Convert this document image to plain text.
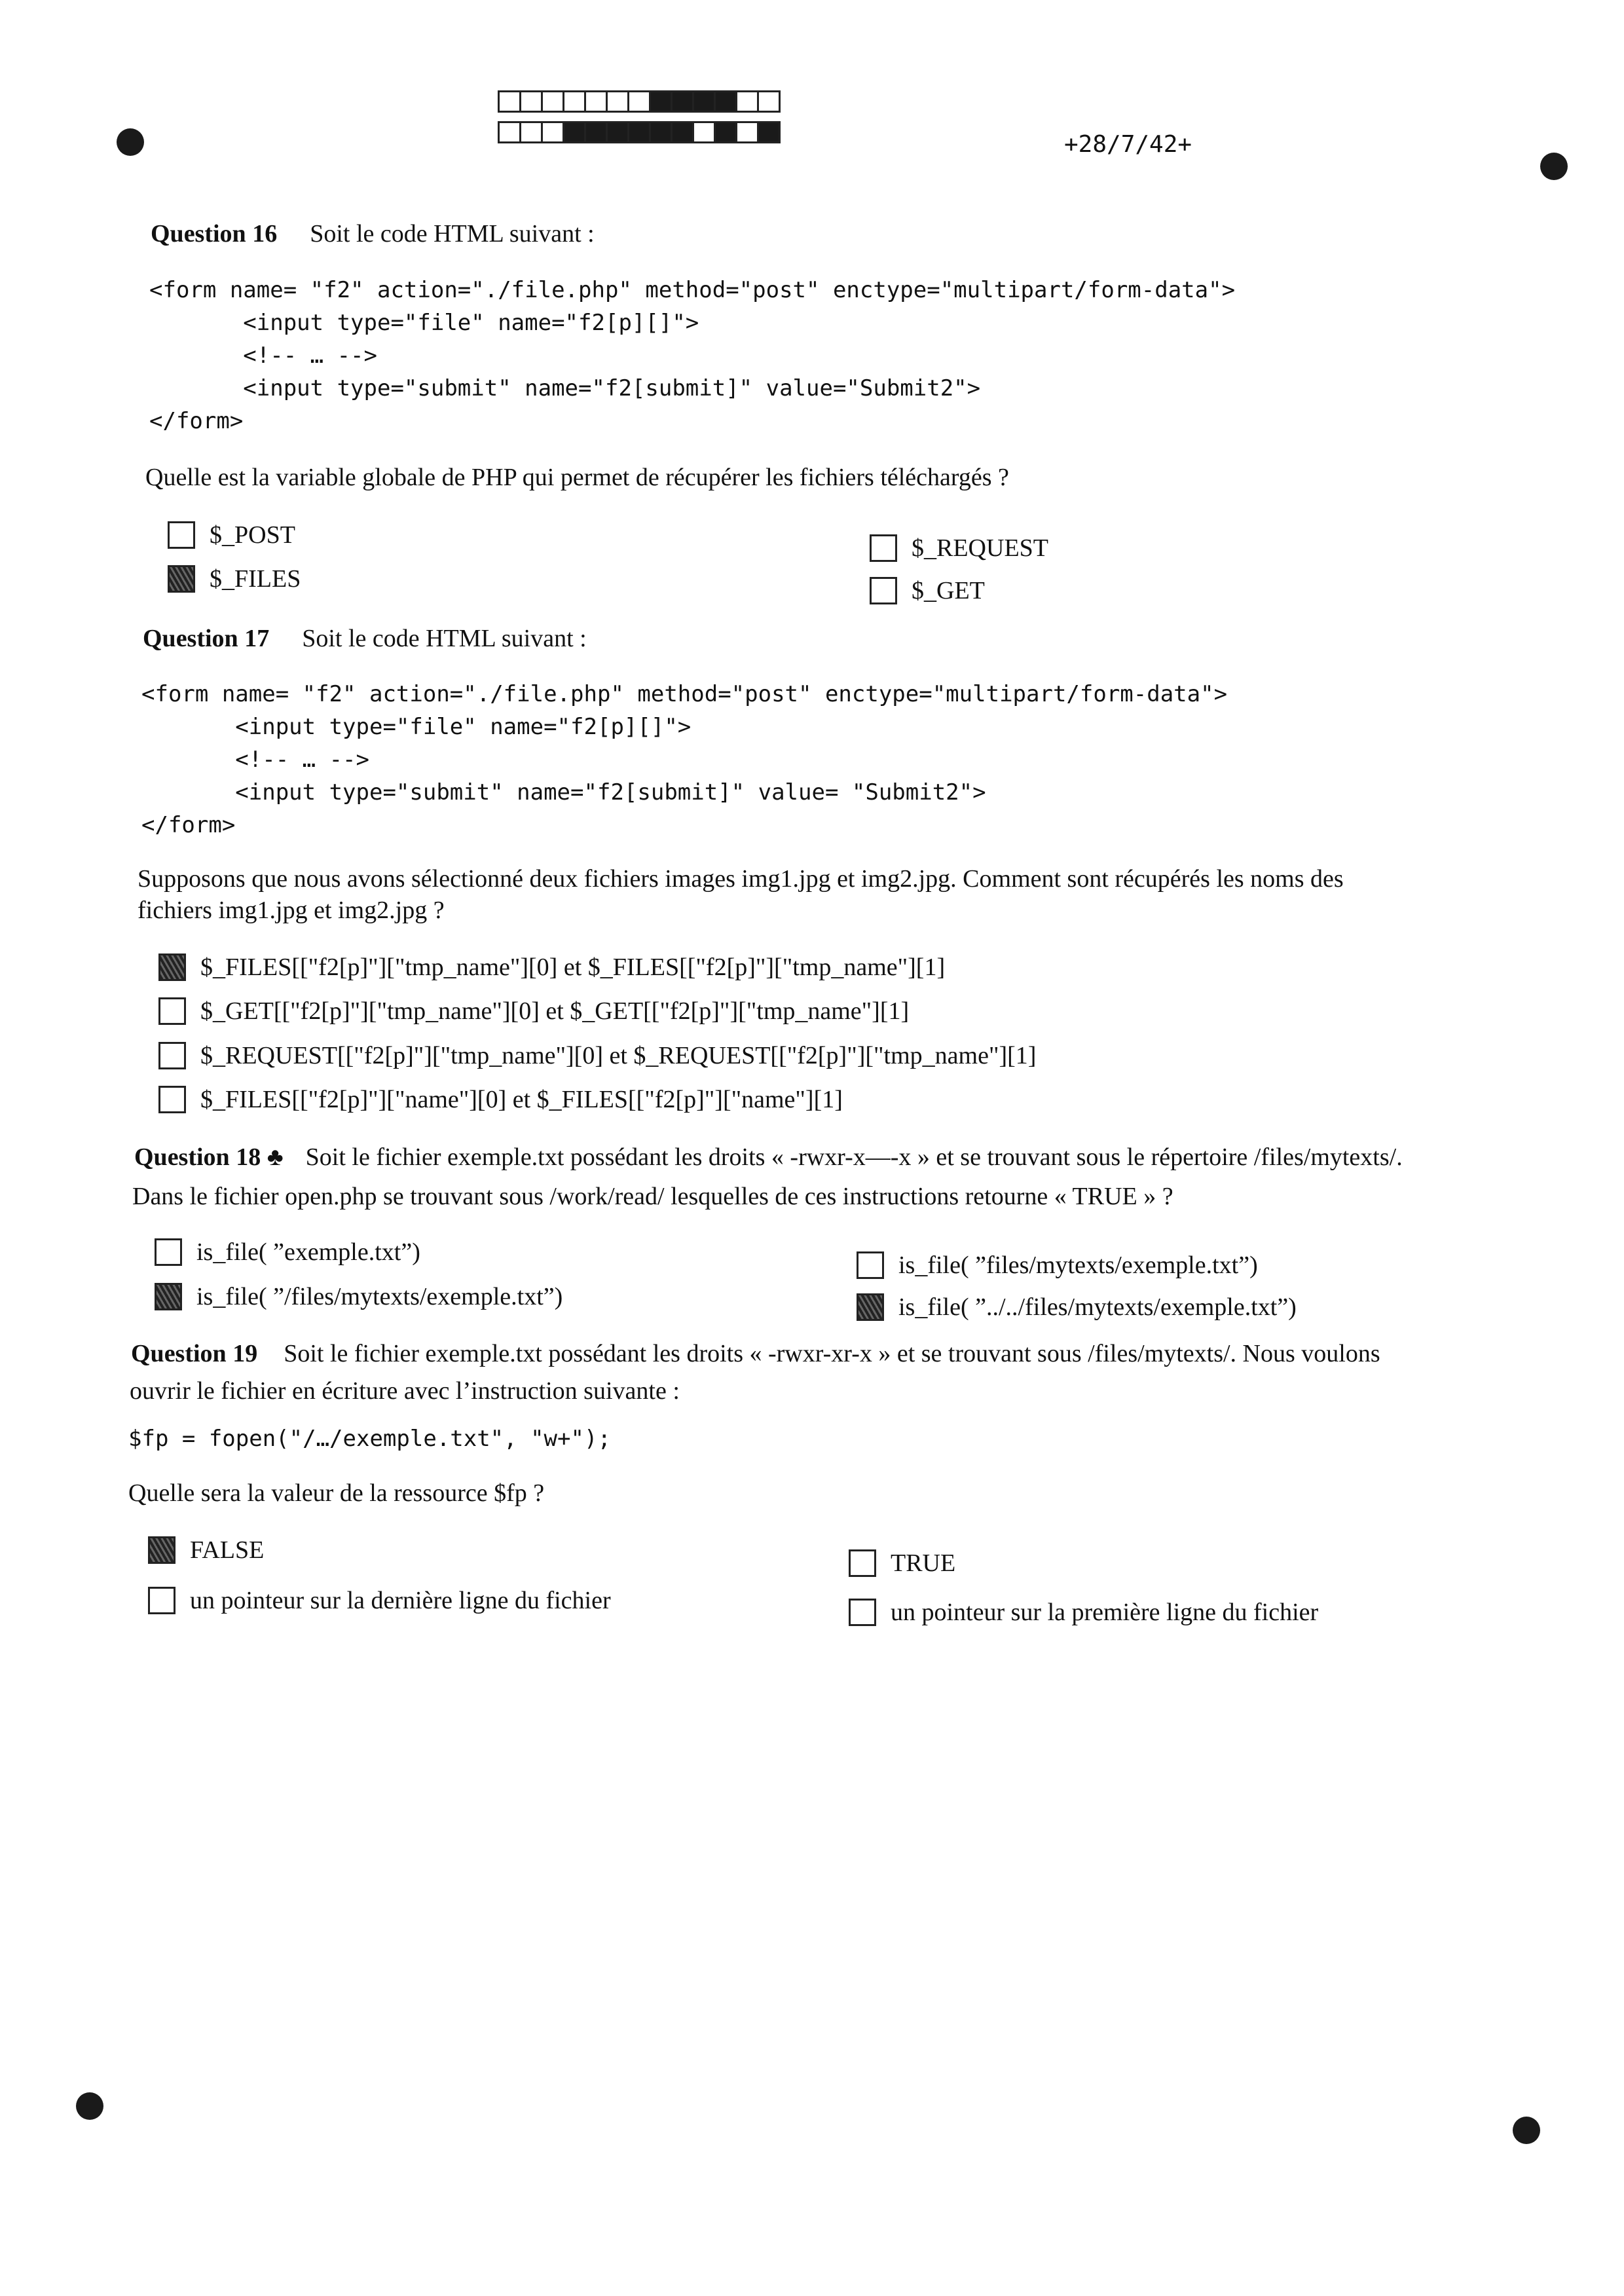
+28/7/42+
Question 16 Soit le code HTML suivant :
<form name= "f2" action="./file.php" method="post" enctype="multipart/form-data">
<input type="file" name="f2[p][]">
<!-- … -->
<input type="submit" name="f2[submit]" value="Submit2">
</form>
Quelle est la variable globale de PHP qui permet de récupérer les fichiers téléchargés ?
$_POST
$_FILES
$_REQUEST
$_GET
Question 17 Soit le code HTML suivant :
<form name= "f2" action="./file.php" method="post" enctype="multipart/form-data">
<input type="file" name="f2[p][]">
<!-- … -->
<input type="submit" name="f2[submit]" value= "Submit2">
</form>
Supposons que nous avons sélectionné deux fichiers images img1.jpg et img2.jpg. Comment sont récupérés les noms des
fichiers img1.jpg et img2.jpg ?
$_FILES[["f2[p]"]["tmp_name"][0] et $_FILES[["f2[p]"]["tmp_name"][1]
$_GET[["f2[p]"]["tmp_name"][0] et $_GET[["f2[p]"]["tmp_name"][1]
$_REQUEST[["f2[p]"]["tmp_name"][0] et $_REQUEST[["f2[p]"]["tmp_name"][1]
$_FILES[["f2[p]"]["name"][0] et $_FILES[["f2[p]"]["name"][1]
Question 18 ♣ Soit le fichier exemple.txt possédant les droits « -rwxr-x—-x » et se trouvant sous le répertoire /files/mytexts/.
Dans le fichier open.php se trouvant sous /work/read/ lesquelles de ces instructions retourne « TRUE » ?
is_file( ”exemple.txt”)
is_file( ”/files/mytexts/exemple.txt”)
is_file( ”files/mytexts/exemple.txt”)
is_file( ”../../files/mytexts/exemple.txt”)
Question 19 Soit le fichier exemple.txt possédant les droits « -rwxr-xr-x » et se trouvant sous /files/mytexts/. Nous voulons
ouvrir le fichier en écriture avec l’instruction suivante :
$fp = fopen("/…/exemple.txt", "w+");
Quelle sera la valeur de la ressource $fp ?
FALSE
un pointeur sur la dernière ligne du fichier
TRUE
un pointeur sur la première ligne du fichier
